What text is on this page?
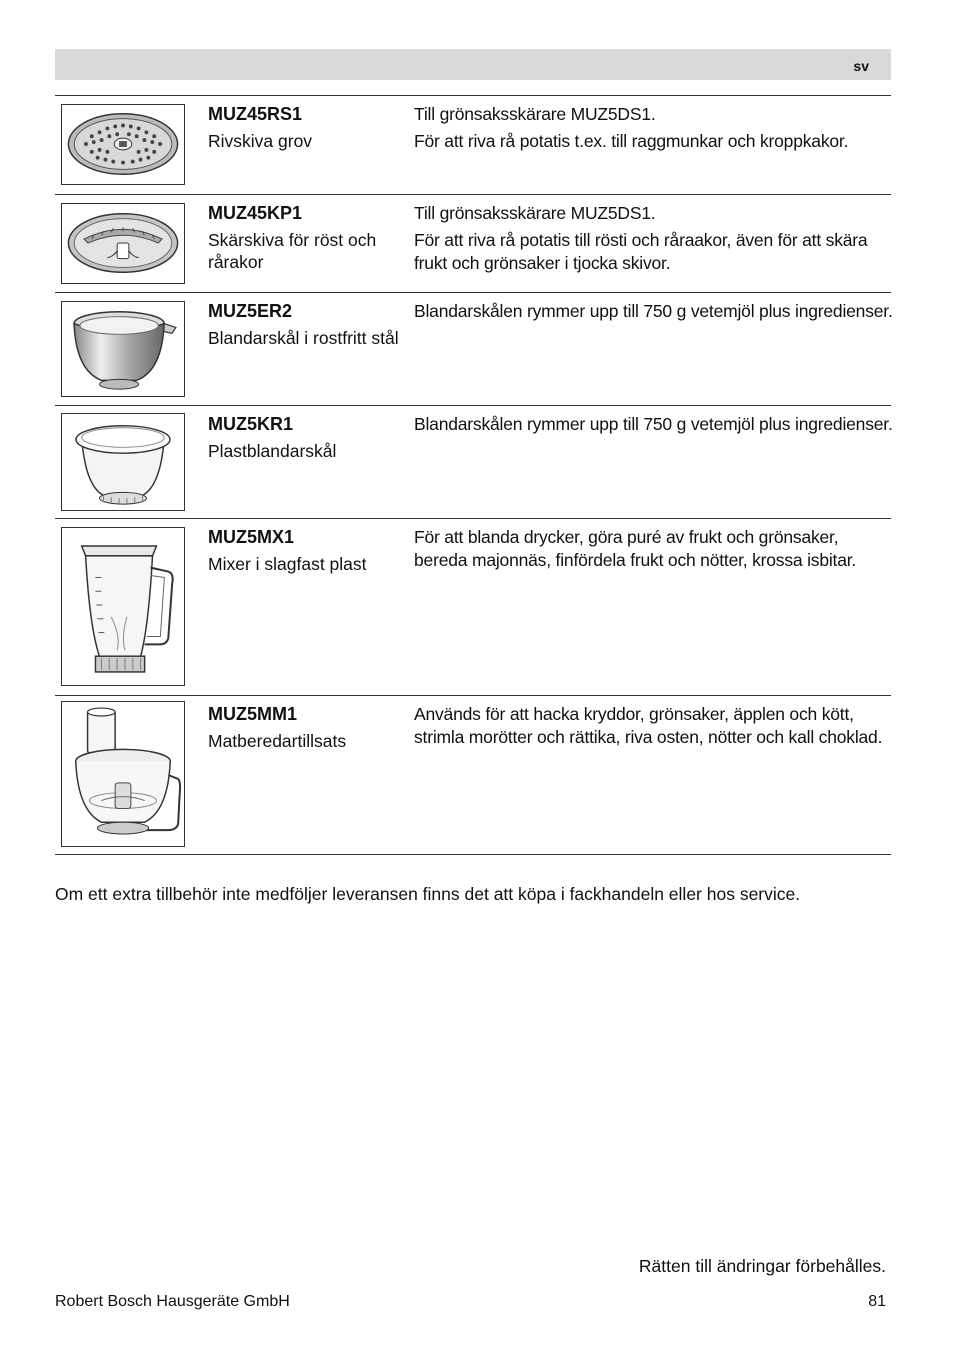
sv
MUZ45RS1
Rivskiva grov

Till grönsaksskärare MUZ5DS1.

För att riva rå potatis t.ex. till raggmunkar och kroppkakor.

MUZ45KP1
Skärskiva för röst och rårakor

Till grönsaksskärare MUZ5DS1.

För att riva rå potatis till rösti och råraakor, även för att skära frukt och grönsaker i tjocka skivor.

MUZ5ER2
Blandarskål i rostfritt stål

Blandarskålen rymmer upp till 750 g vetemjöl plus ingredienser.

MUZ5KR1
Plastblandarskål

Blandarskålen rymmer upp till 750 g vetemjöl plus ingredienser.

MUZ5MX1
Mixer i slagfast plast

För att blanda drycker, göra puré av frukt och grönsaker, bereda majonnäs, finfördela frukt och nötter, krossa isbitar.

MUZ5MM1
Matberedartillsats

Används för att hacka kryddor, grönsaker, äpplen och kött, strimla morötter och rättika, riva osten, nötter och kall choklad.

Om ett extra tillbehör inte medföljer leveransen finns det att köpa i fackhandeln eller hos service.
Rätten till ändringar förbehålles.
Robert Bosch Hausgeräte GmbH	81
